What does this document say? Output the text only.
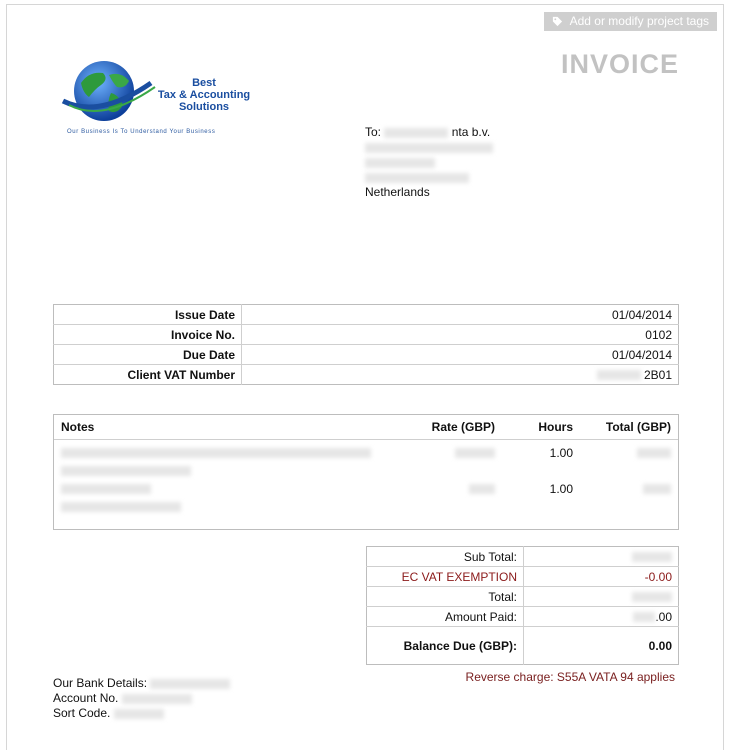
Add or modify project tags
INVOICE
Best
Tax & Accounting
Solutions
Our Business Is To Understand Your Business	To:	nta b.v.
Netherlands
Issue Date	01/04/2014
Invoice No.	0102
Due Date	01/04/2014
Client VAT Number	2B01
Notes	Rate (GBP)	Hours	Total (GBP)

		1.00	

		1.00	
Sub Total:	
EC VAT EXEMPTION	-0.00
Total:	
Amount Paid:	.00
Balance Due (GBP):	0.00
Reverse charge: S55A VATA 94 applies
Our Bank Details:
Account No.
Sort Code.
